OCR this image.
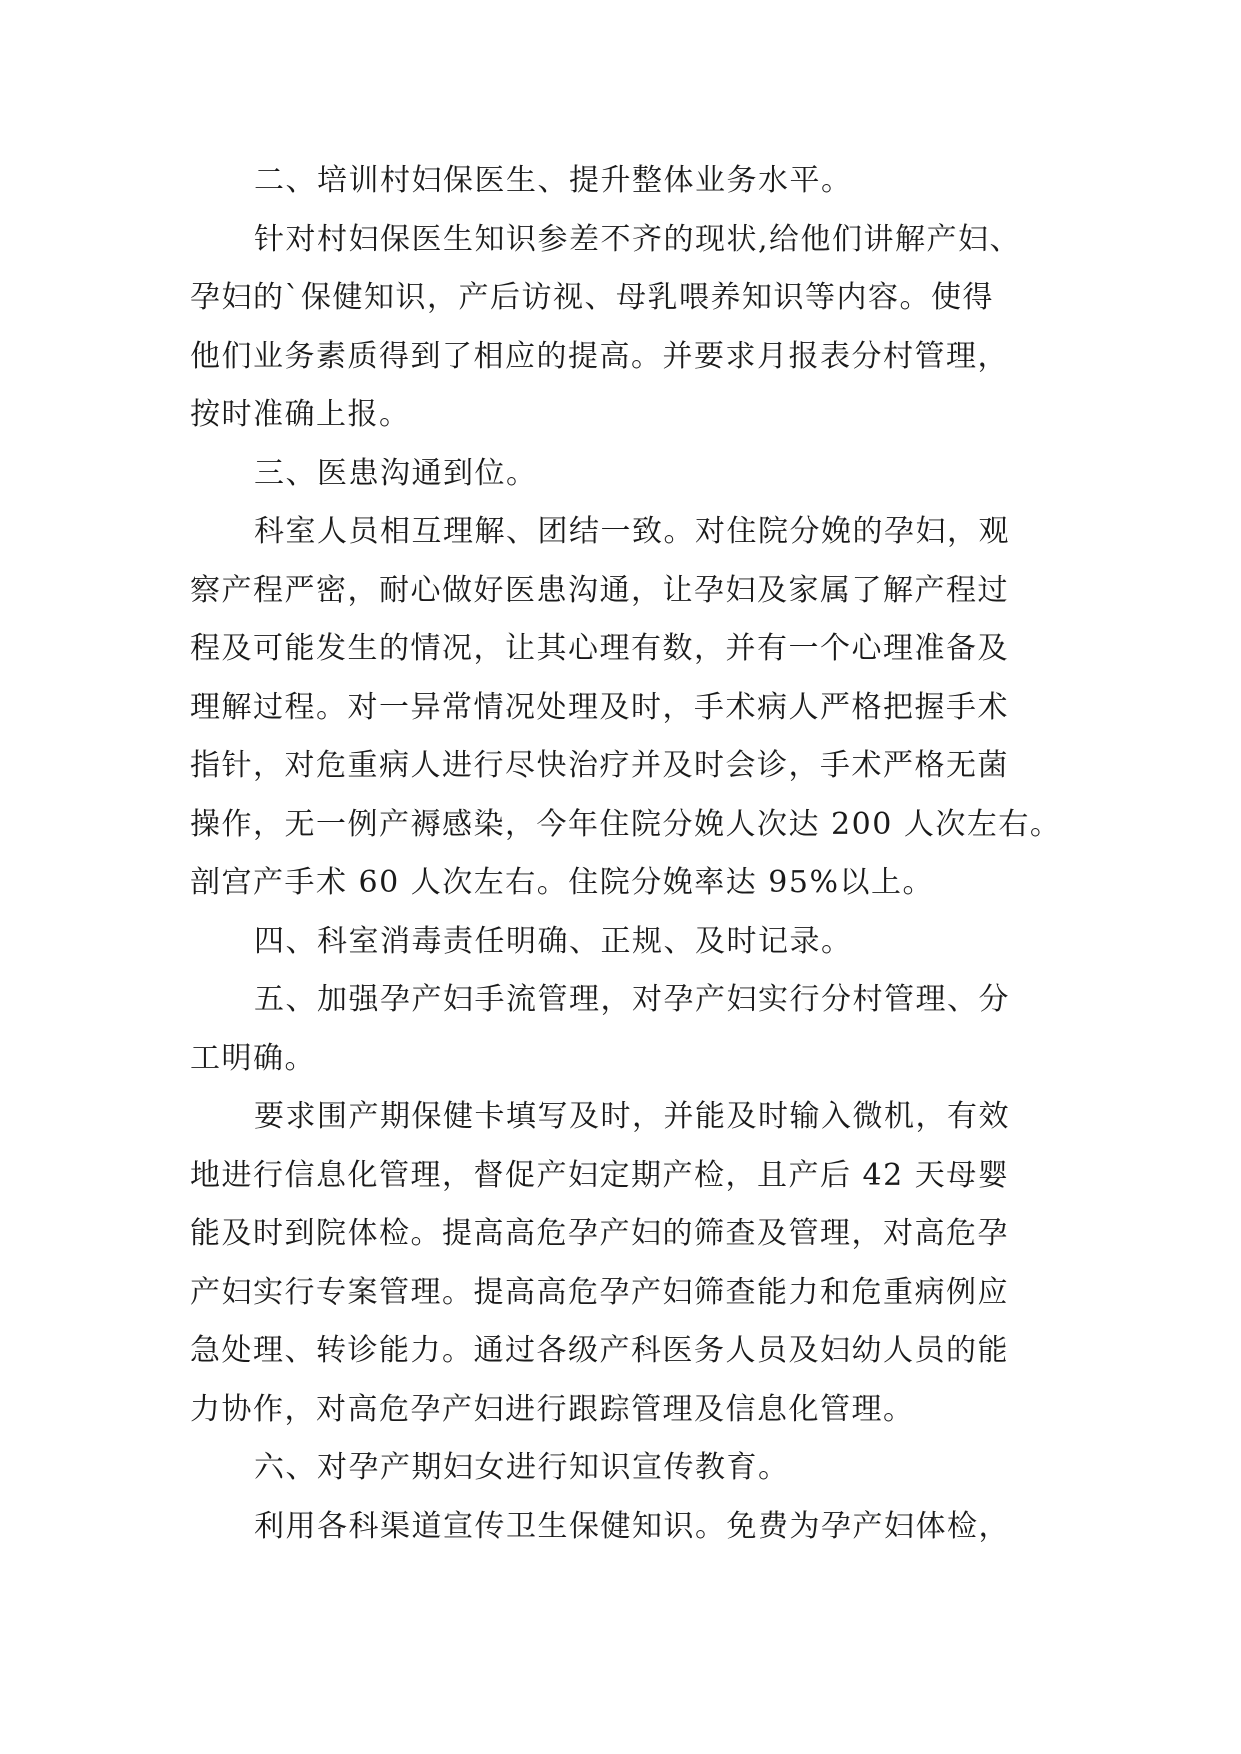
二、培训村妇保医生、提升整体业务水平。
针对村妇保医生知识参差不齐的现状,给他们讲解产妇、
孕妇的`保健知识，产后访视、母乳喂养知识等内容。使得
他们业务素质得到了相应的提高。并要求月报表分村管理，
按时准确上报。
三、医患沟通到位。
科室人员相互理解、团结一致。对住院分娩的孕妇，观
察产程严密，耐心做好医患沟通，让孕妇及家属了解产程过
程及可能发生的情况，让其心理有数，并有一个心理准备及
理解过程。对一异常情况处理及时，手术病人严格把握手术
指针，对危重病人进行尽快治疗并及时会诊，手术严格无菌
操作，无一例产褥感染，今年住院分娩人次达 200 人次左右。
剖宫产手术 60 人次左右。住院分娩率达 95%以上。
四、科室消毒责任明确、正规、及时记录。
五、加强孕产妇手流管理，对孕产妇实行分村管理、分
工明确。
要求围产期保健卡填写及时，并能及时输入微机，有效
地进行信息化管理，督促产妇定期产检，且产后 42 天母婴
能及时到院体检。提高高危孕产妇的筛查及管理，对高危孕
产妇实行专案管理。提高高危孕产妇筛查能力和危重病例应
急处理、转诊能力。通过各级产科医务人员及妇幼人员的能
力协作，对高危孕产妇进行跟踪管理及信息化管理。
六、对孕产期妇女进行知识宣传教育。
利用各科渠道宣传卫生保健知识。免费为孕产妇体检，
